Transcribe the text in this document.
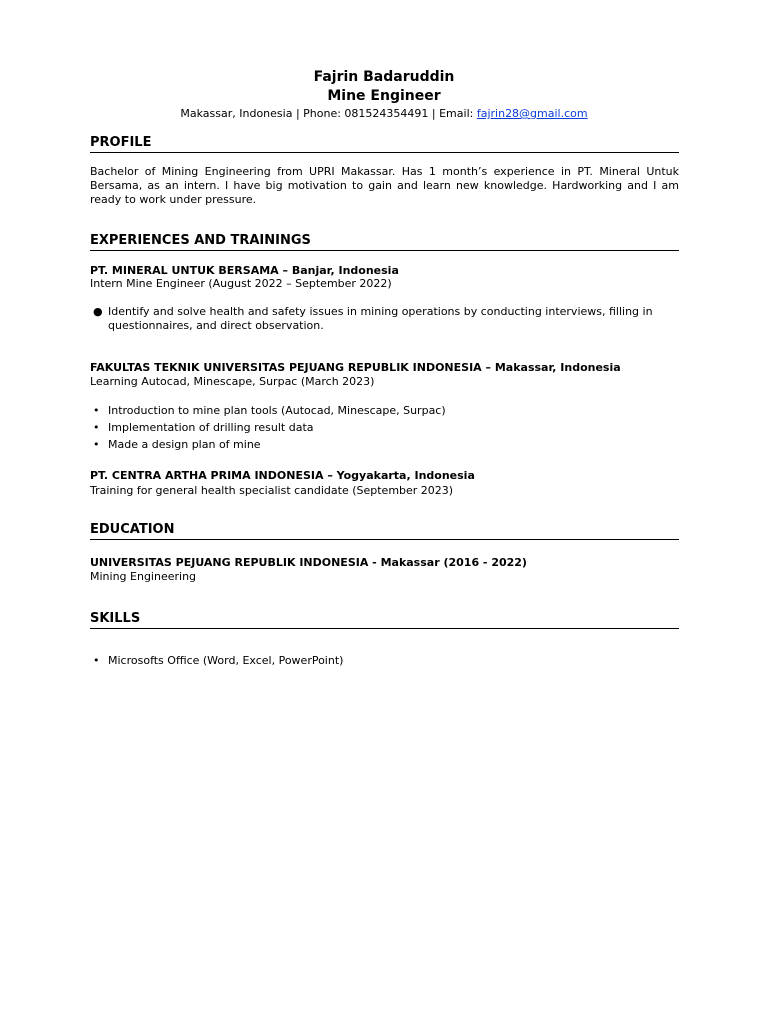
Fajrin Badaruddin
Mine Engineer
Makassar, Indonesia | Phone: 081524354491 | Email: fajrin28@gmail.com
PROFILE
Bachelor of Mining Engineering from UPRI Makassar. Has 1 month’s experience in PT. Mineral Untuk Bersama, as an intern. I have big motivation to gain and learn new knowledge. Hardworking and I am ready to work under pressure.
EXPERIENCES AND TRAININGS
PT. MINERAL UNTUK BERSAMA – Banjar, Indonesia
Intern Mine Engineer (August 2022 – September 2022)
● Identify and solve health and safety issues in mining operations by conducting interviews, filling in questionnaires, and direct observation.
FAKULTAS TEKNIK UNIVERSITAS PEJUANG REPUBLIK INDONESIA – Makassar, Indonesia
Learning Autocad, Minescape, Surpac (March 2023)
• Introduction to mine plan tools (Autocad, Minescape, Surpac)
• Implementation of drilling result data
• Made a design plan of mine
PT. CENTRA ARTHA PRIMA INDONESIA – Yogyakarta, Indonesia
Training for general health specialist candidate (September 2023)
EDUCATION
UNIVERSITAS PEJUANG REPUBLIK INDONESIA - Makassar (2016 - 2022)
Mining Engineering
SKILLS
• Microsofts Office (Word, Excel, PowerPoint)
